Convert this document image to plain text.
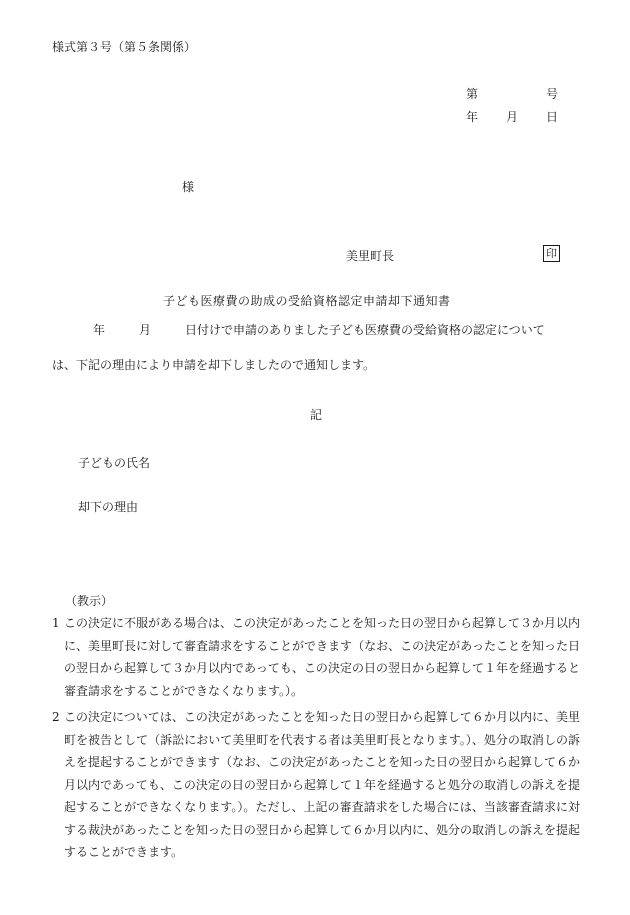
様式第３号（第５条関係）
第	号
年 月 日
様
美里町長	印
子ども医療費の助成の受給資格認定申請却下通知書
年	月	日付けで申請のありました子ども医療費の受給資格の認定について
は、下記の理由により申請を却下しましたので通知します。
記
子どもの氏名
却下の理由
（教示）
1 この決定に不服がある場合は、この決定があったことを知った日の翌日から起算して３か月以内に、美里町長に対して審査請求をすることができます（なお、この決定があったことを知った日の翌日から起算して３か月以内であっても、この決定の日の翌日から起算して１年を経過すると審査請求をすることができなくなります。）。
2 この決定については、この決定があったことを知った日の翌日から起算して６か月以内に、美里町を被告として（訴訟において美里町を代表する者は美里町長となります。）、処分の取消しの訴えを提起することができます（なお、この決定があったことを知った日の翌日から起算して６か月以内であっても、この決定の日の翌日から起算して１年を経過すると処分の取消しの訴えを提起することができなくなります。）。ただし、上記の審査請求をした場合には、当該審査請求に対する裁決があったことを知った日の翌日から起算して６か月以内に、処分の取消しの訴えを提起することができます。
